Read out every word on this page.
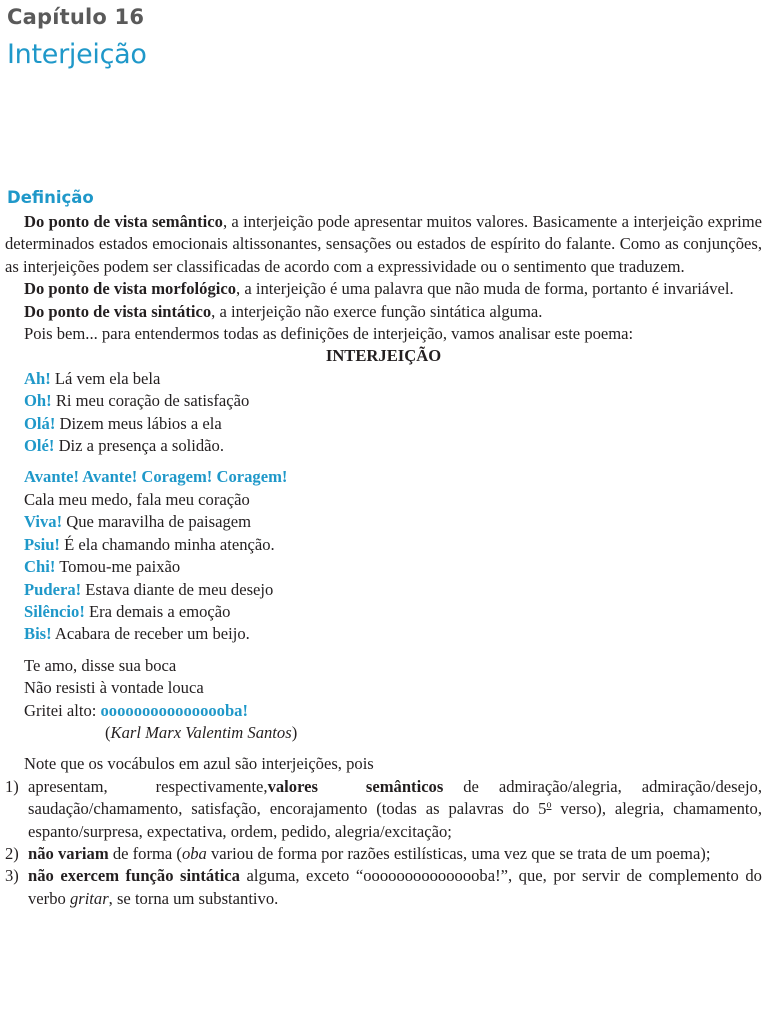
Capítulo 16
Interjeição
Definição

Do ponto de vista semântico, a interjeição pode apresentar muitos valores. Basicamente a interjeição exprime determinados estados emocionais altissonantes, sensações ou estados de espírito do falante. Como as conjunções, as interjeições podem ser classificadas de acordo com a expressividade ou o sentimento que traduzem.

Do ponto de vista morfológico, a interjeição é uma palavra que não muda de forma, portanto é invariável.

Do ponto de vista sintático, a interjeição não exerce função sintática alguma.

Pois bem... para entendermos todas as definições de interjeição, vamos analisar este poema:

INTERJEIÇÃO

Ah! Lá vem ela bela

Oh! Ri meu coração de satisfação

Olá! Dizem meus lábios a ela

Olé! Diz a presença a solidão.

Avante! Avante! Coragem! Coragem!

Cala meu medo, fala meu coração

Viva! Que maravilha de paisagem

Psiu! É ela chamando minha atenção.

Chi! Tomou-me paixão

Pudera! Estava diante de meu desejo

Silêncio! Era demais a emoção

Bis! Acabara de receber um beijo.

Te amo, disse sua boca

Não resisti à vontade louca

Gritei alto: oooooooooooooooba!

(Karl Marx Valentim Santos)

Note que os vocábulos em azul são interjeições, pois

1) apresentam, respectivamente,valores semânticos de admiração/alegria, admiração/desejo, saudação/chamamento, satisfação, encorajamento (todas as palavras do 5$^o$ verso), alegria, chamamento, espanto/surpresa, expectativa, ordem, pedido, alegria/excitação;
2) não variam de forma (oba variou de forma por razões estilísticas, uma vez que se trata de um poema);
3) não exercem função sintática alguma, exceto “ooooooooooooooba!”, que, por servir de complemento do verbo gritar, se torna um substantivo.
